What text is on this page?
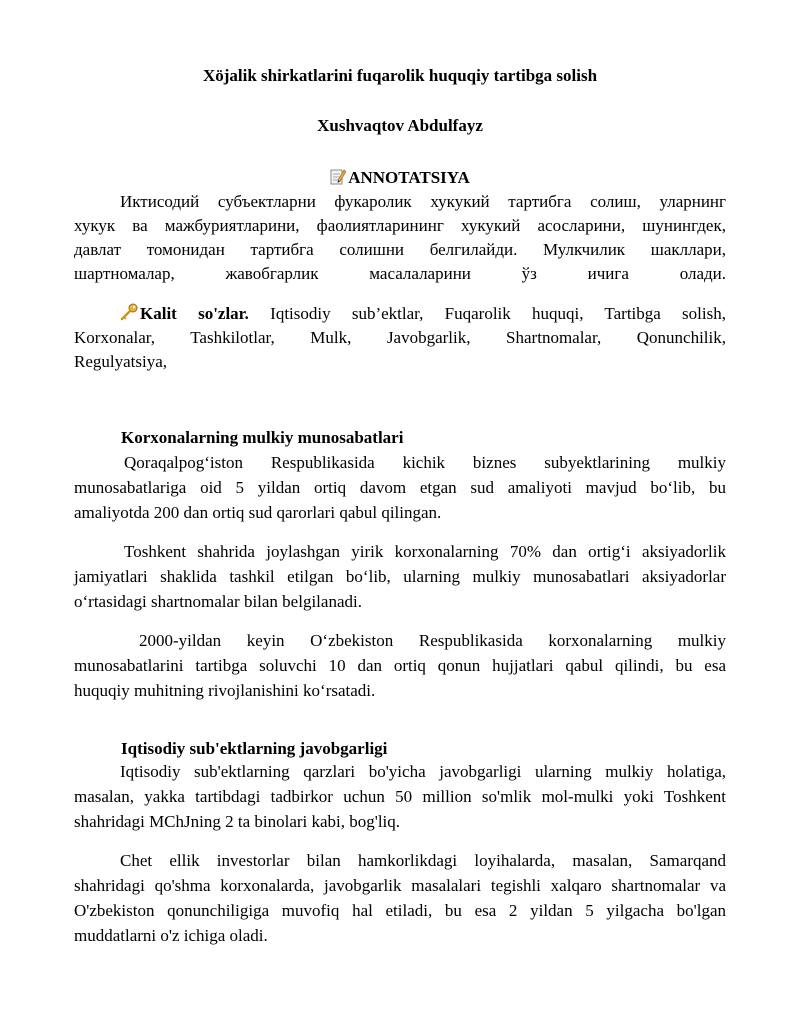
Xöjalik shirkatlarini fuqarolik huquqiy tartibga solish
Xushvaqtov Abdulfayz
ANNOTATSIYA
Иктисодий субъектларни фукаролик хукукий тартибга солиш, уларнинг
хукук ва мажбуриятларини, фаолиятларининг хукукий асосларини, шунингдек,
давлат томонидан тартибга солишни белгилайди. Мулкчилик шакллари,
шартномалар, жавобгарлик масалаларини ўз ичига олади.
Kalit so'zlar. Iqtisodiy sub’ektlar, Fuqarolik huquqi, Tartibga solish,
Korxonalar, Tashkilotlar, Mulk, Javobgarlik, Shartnomalar, Qonunchilik,
Regulyatsiya,
Korxonalarning mulkiy munosabatlari
Qoraqalpog‘iston Respublikasida kichik biznes subyektlarining mulkiy
munosabatlariga oid 5 yildan ortiq davom etgan sud amaliyoti mavjud bo‘lib, bu
amaliyotda 200 dan ortiq sud qarorlari qabul qilingan.
Toshkent shahrida joylashgan yirik korxonalarning 70% dan ortig‘i aksiyadorlik
jamiyatlari shaklida tashkil etilgan bo‘lib, ularning mulkiy munosabatlari aksiyadorlar
o‘rtasidagi shartnomalar bilan belgilanadi.
2000-yildan keyin O‘zbekiston Respublikasida korxonalarning mulkiy
munosabatlarini tartibga soluvchi 10 dan ortiq qonun hujjatlari qabul qilindi, bu esa
huquqiy muhitning rivojlanishini ko‘rsatadi.
Iqtisodiy sub'ektlarning javobgarligi
Iqtisodiy sub'ektlarning qarzlari bo'yicha javobgarligi ularning mulkiy holatiga,
masalan, yakka tartibdagi tadbirkor uchun 50 million so'mlik mol-mulki yoki Toshkent
shahridagi MChJning 2 ta binolari kabi, bog'liq.
Chet ellik investorlar bilan hamkorlikdagi loyihalarda, masalan, Samarqand
shahridagi qo'shma korxonalarda, javobgarlik masalalari tegishli xalqaro shartnomalar va
O'zbekiston qonunchiligiga muvofiq hal etiladi, bu esa 2 yildan 5 yilgacha bo'lgan
muddatlarni o'z ichiga oladi.
